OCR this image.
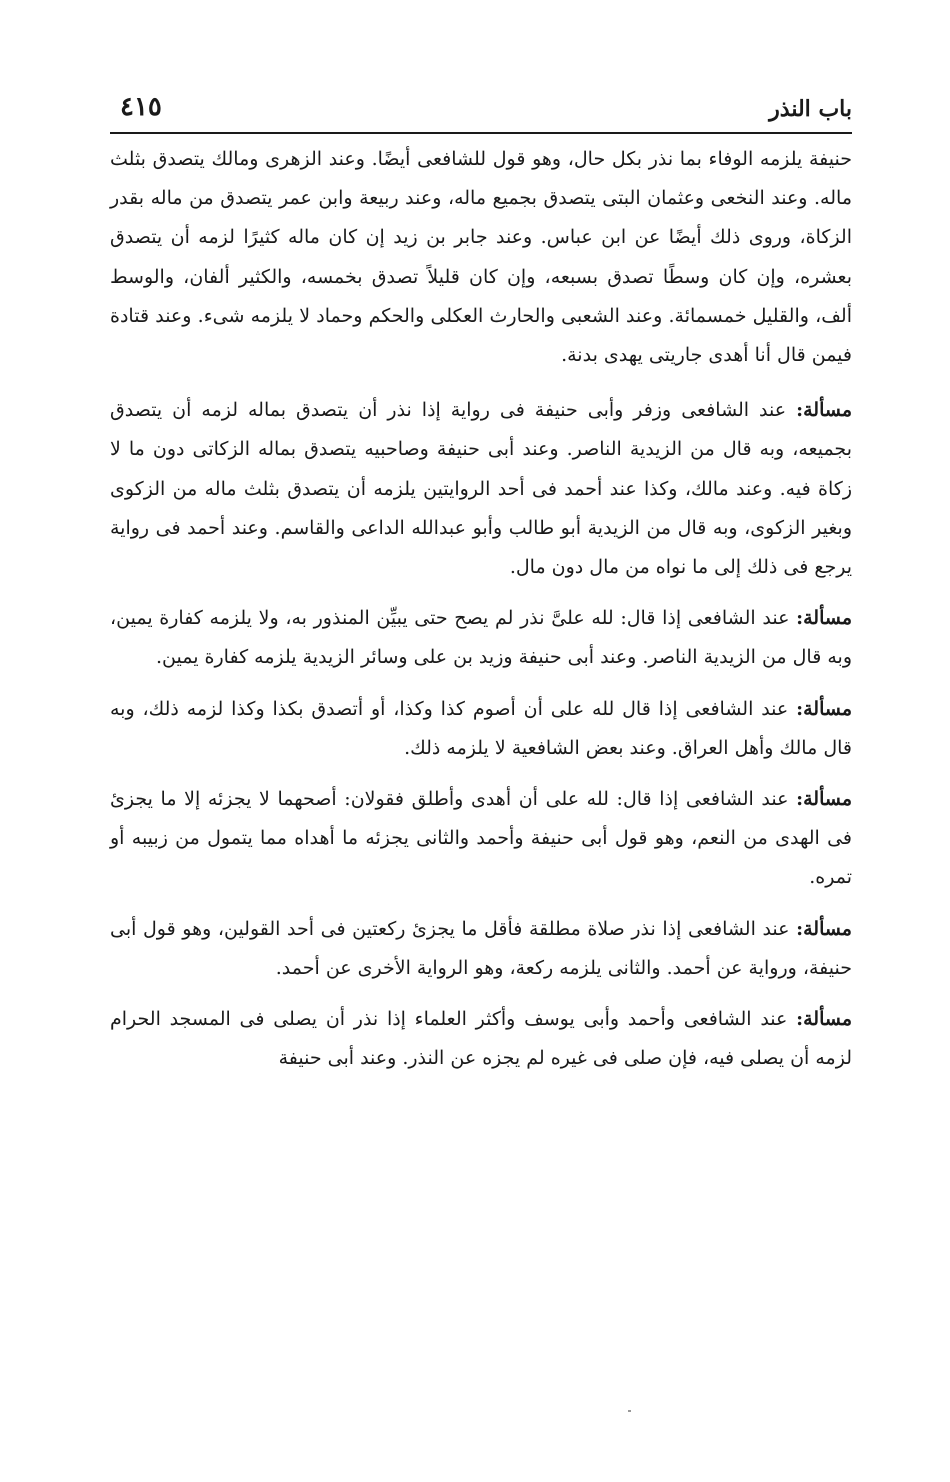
باب النذر
٤١٥

حنيفة يلزمه الوفاء بما نذر بكل حال، وهو قول للشافعى أيضًا. وعند الزهرى ومالك يتصدق بثلث ماله. وعند النخعى وعثمان البتى يتصدق بجميع ماله، وعند ربيعة وابن عمر يتصدق من ماله بقدر الزكاة، وروى ذلك أيضًا عن ابن عباس. وعند جابر بن زيد إن كان ماله كثيرًا لزمه أن يتصدق بعشره، وإن كان وسطًا تصدق بسبعه، وإن كان قليلاً تصدق بخمسه، والكثير ألفان، والوسط ألف، والقليل خمسمائة. وعند الشعبى والحارث العكلى والحكم وحماد لا يلزمه شىء. وعند قتادة فيمن قال أنا أهدى جاريتى يهدى بدنة.

مسألة: عند الشافعى وزفر وأبى حنيفة فى رواية إذا نذر أن يتصدق بماله لزمه أن يتصدق بجميعه، وبه قال من الزيدية الناصر. وعند أبى حنيفة وصاحبيه يتصدق بماله الزكاتى دون ما لا زكاة فيه. وعند مالك، وكذا عند أحمد فى أحد الروايتين يلزمه أن يتصدق بثلث ماله من الزكوى وبغير الزكوى، وبه قال من الزيدية أبو طالب وأبو عبدالله الداعى والقاسم. وعند أحمد فى رواية يرجع فى ذلك إلى ما نواه من مال دون مال.

مسألة: عند الشافعى إذا قال: لله علىَّ نذر لم يصح حتى يبيِّن المنذور به، ولا يلزمه كفارة يمين، وبه قال من الزيدية الناصر. وعند أبى حنيفة وزيد بن على وسائر الزيدية يلزمه كفارة يمين.

مسألة: عند الشافعى إذا قال لله على أن أصوم كذا وكذا، أو أتصدق بكذا وكذا لزمه ذلك، وبه قال مالك وأهل العراق. وعند بعض الشافعية لا يلزمه ذلك.

مسألة: عند الشافعى إذا قال: لله على أن أهدى وأطلق فقولان: أصحهما لا يجزئه إلا ما يجزئ فى الهدى من النعم، وهو قول أبى حنيفة وأحمد والثانى يجزئه ما أهداه مما يتمول من زبيبه أو تمره.

مسألة: عند الشافعى إذا نذر صلاة مطلقة فأقل ما يجزئ ركعتين فى أحد القولين، وهو قول أبى حنيفة، ورواية عن أحمد. والثانى يلزمه ركعة، وهو الرواية الأخرى عن أحمد.

مسألة: عند الشافعى وأحمد وأبى يوسف وأكثر العلماء إذا نذر أن يصلى فى المسجد الحرام لزمه أن يصلى فيه، فإن صلى فى غيره لم يجزه عن النذر. وعند أبى حنيفة
